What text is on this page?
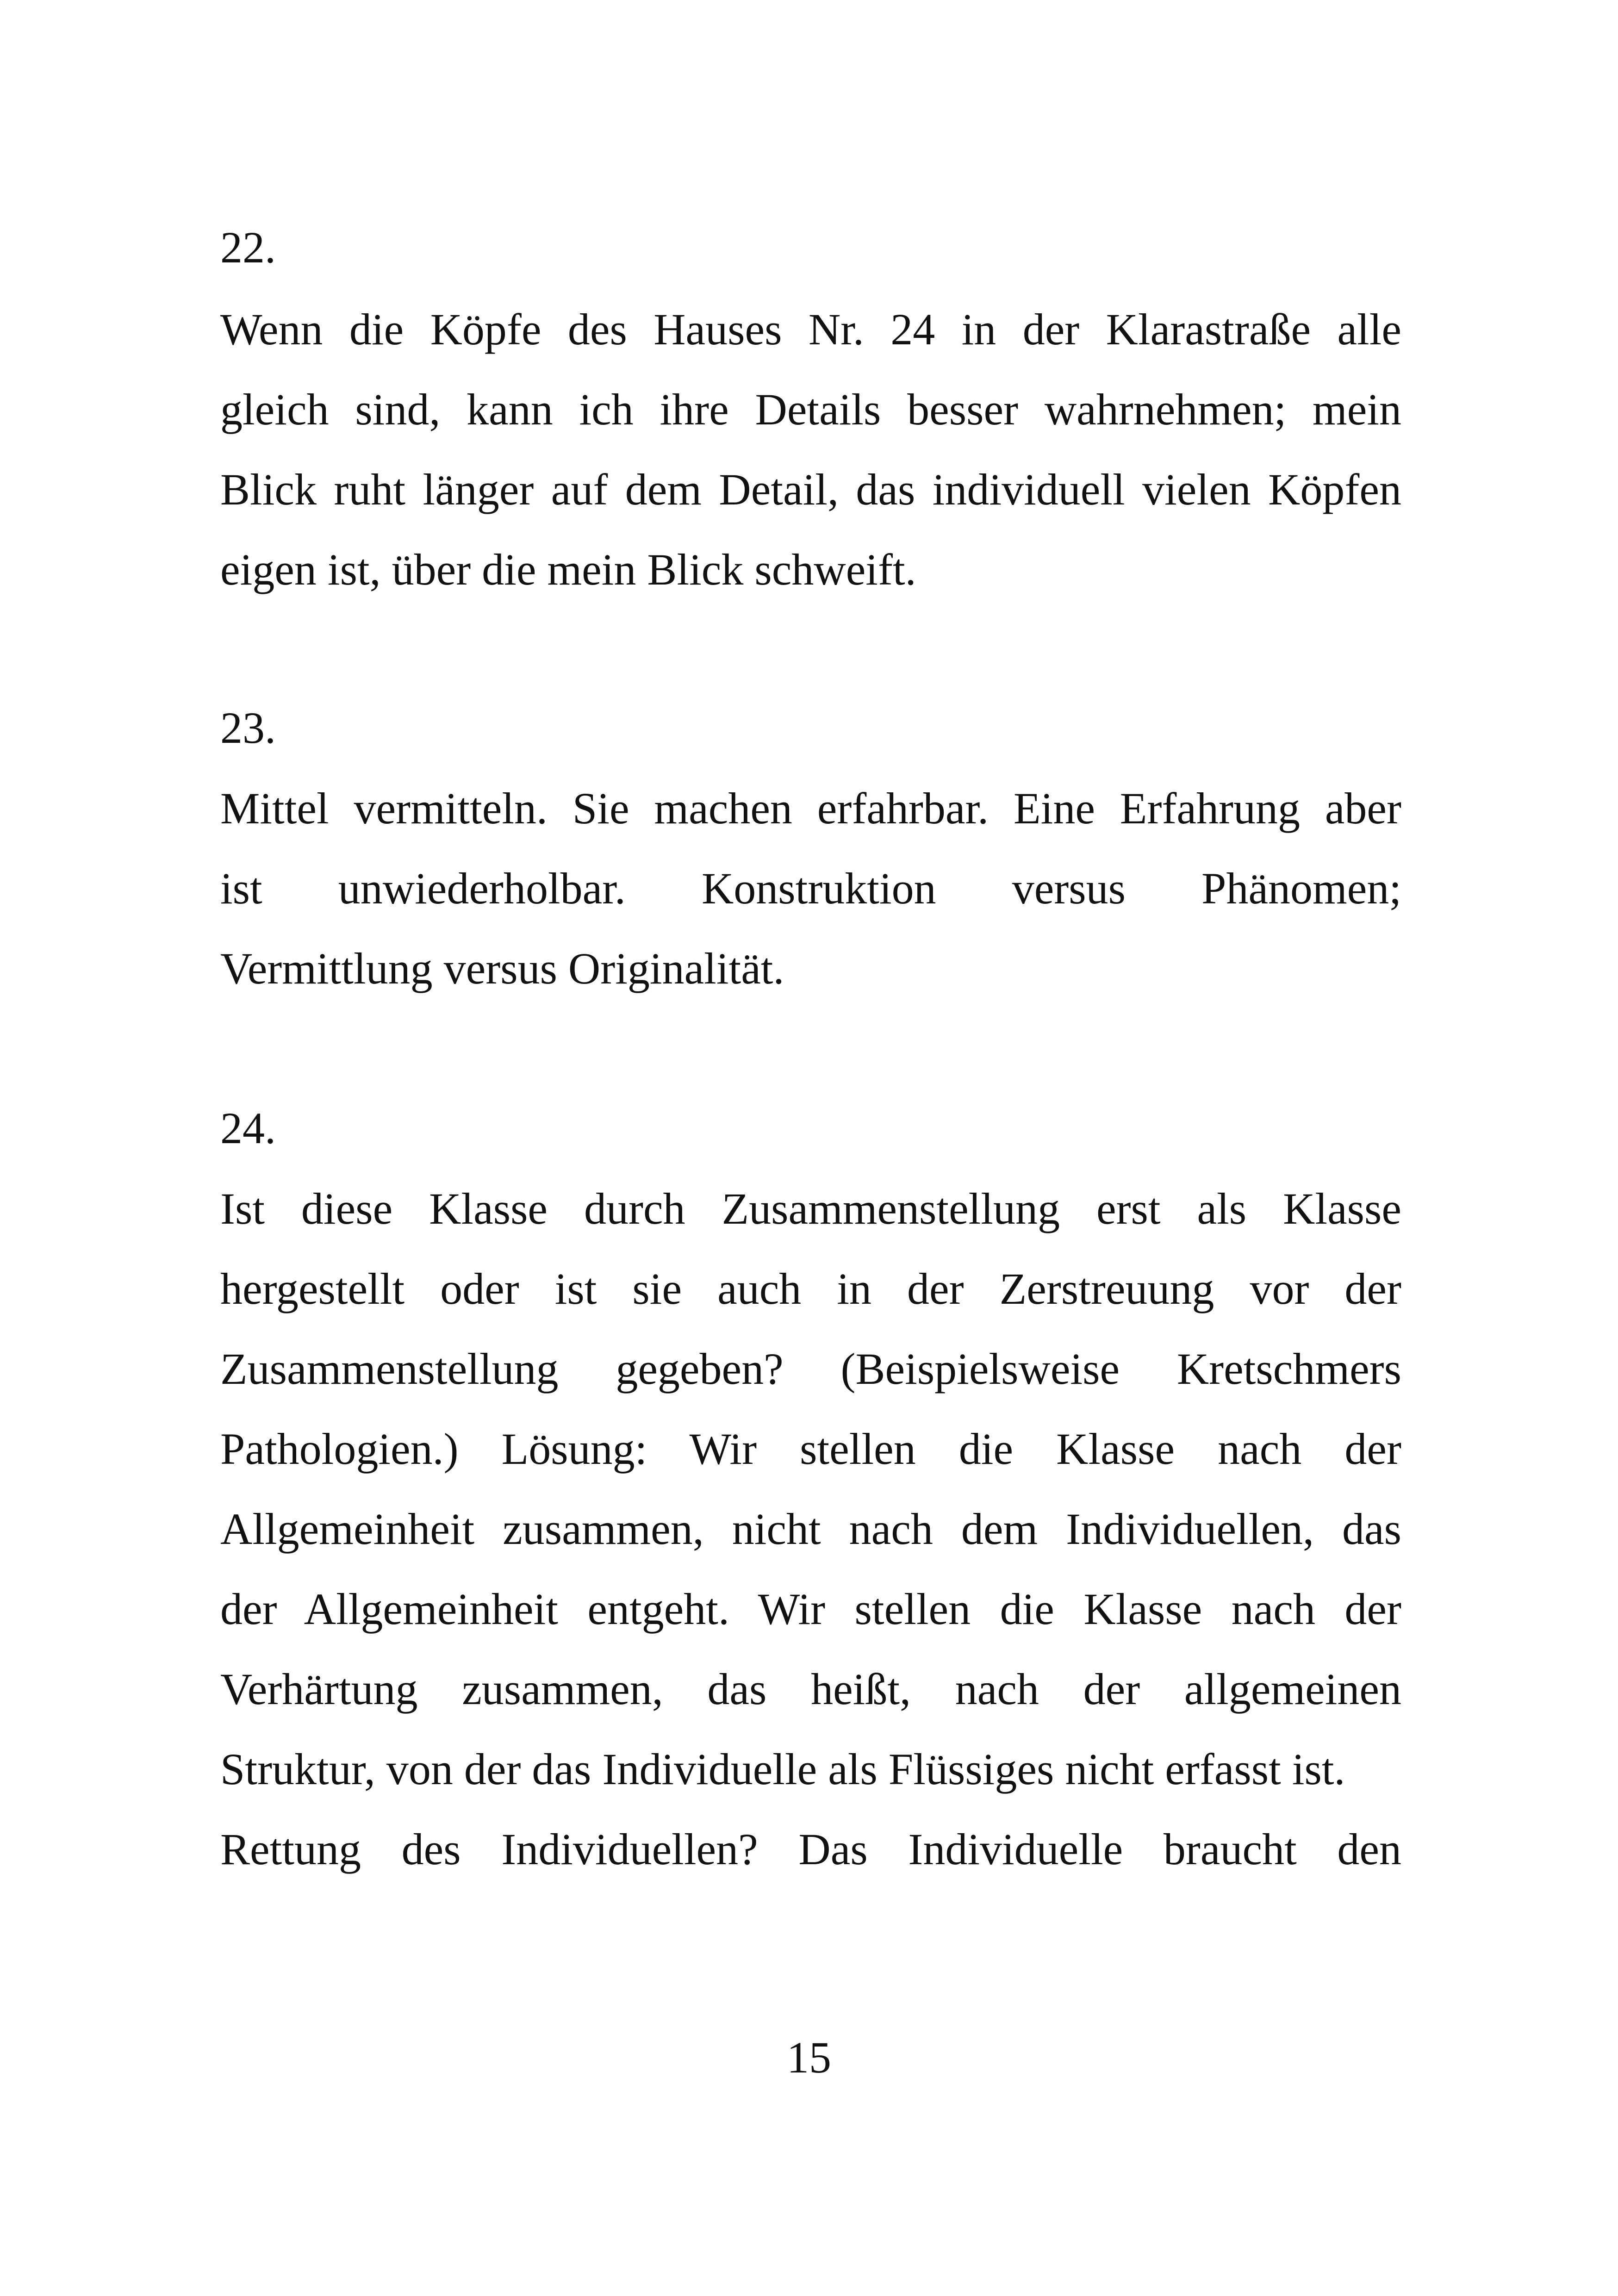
22.

Wenn die Köpfe des Hauses Nr. 24 in der Klarastraße alle

gleich sind, kann ich ihre Details besser wahrnehmen; mein

Blick ruht länger auf dem Detail, das individuell vielen Köpfen

eigen ist, über die mein Blick schweift.

23.

Mittel vermitteln. Sie machen erfahrbar. Eine Erfahrung aber

ist unwiederholbar. Konstruktion versus Phänomen;

Vermittlung versus Originalität.

24.

Ist diese Klasse durch Zusammenstellung erst als Klasse

hergestellt oder ist sie auch in der Zerstreuung vor der

Zusammenstellung gegeben? (Beispielsweise Kretschmers

Pathologien.) Lösung: Wir stellen die Klasse nach der

Allgemeinheit zusammen, nicht nach dem Individuellen, das

der Allgemeinheit entgeht. Wir stellen die Klasse nach der

Verhärtung zusammen, das heißt, nach der allgemeinen

Struktur, von der das Individuelle als Flüssiges nicht erfasst ist.

Rettung des Individuellen? Das Individuelle braucht den

15
